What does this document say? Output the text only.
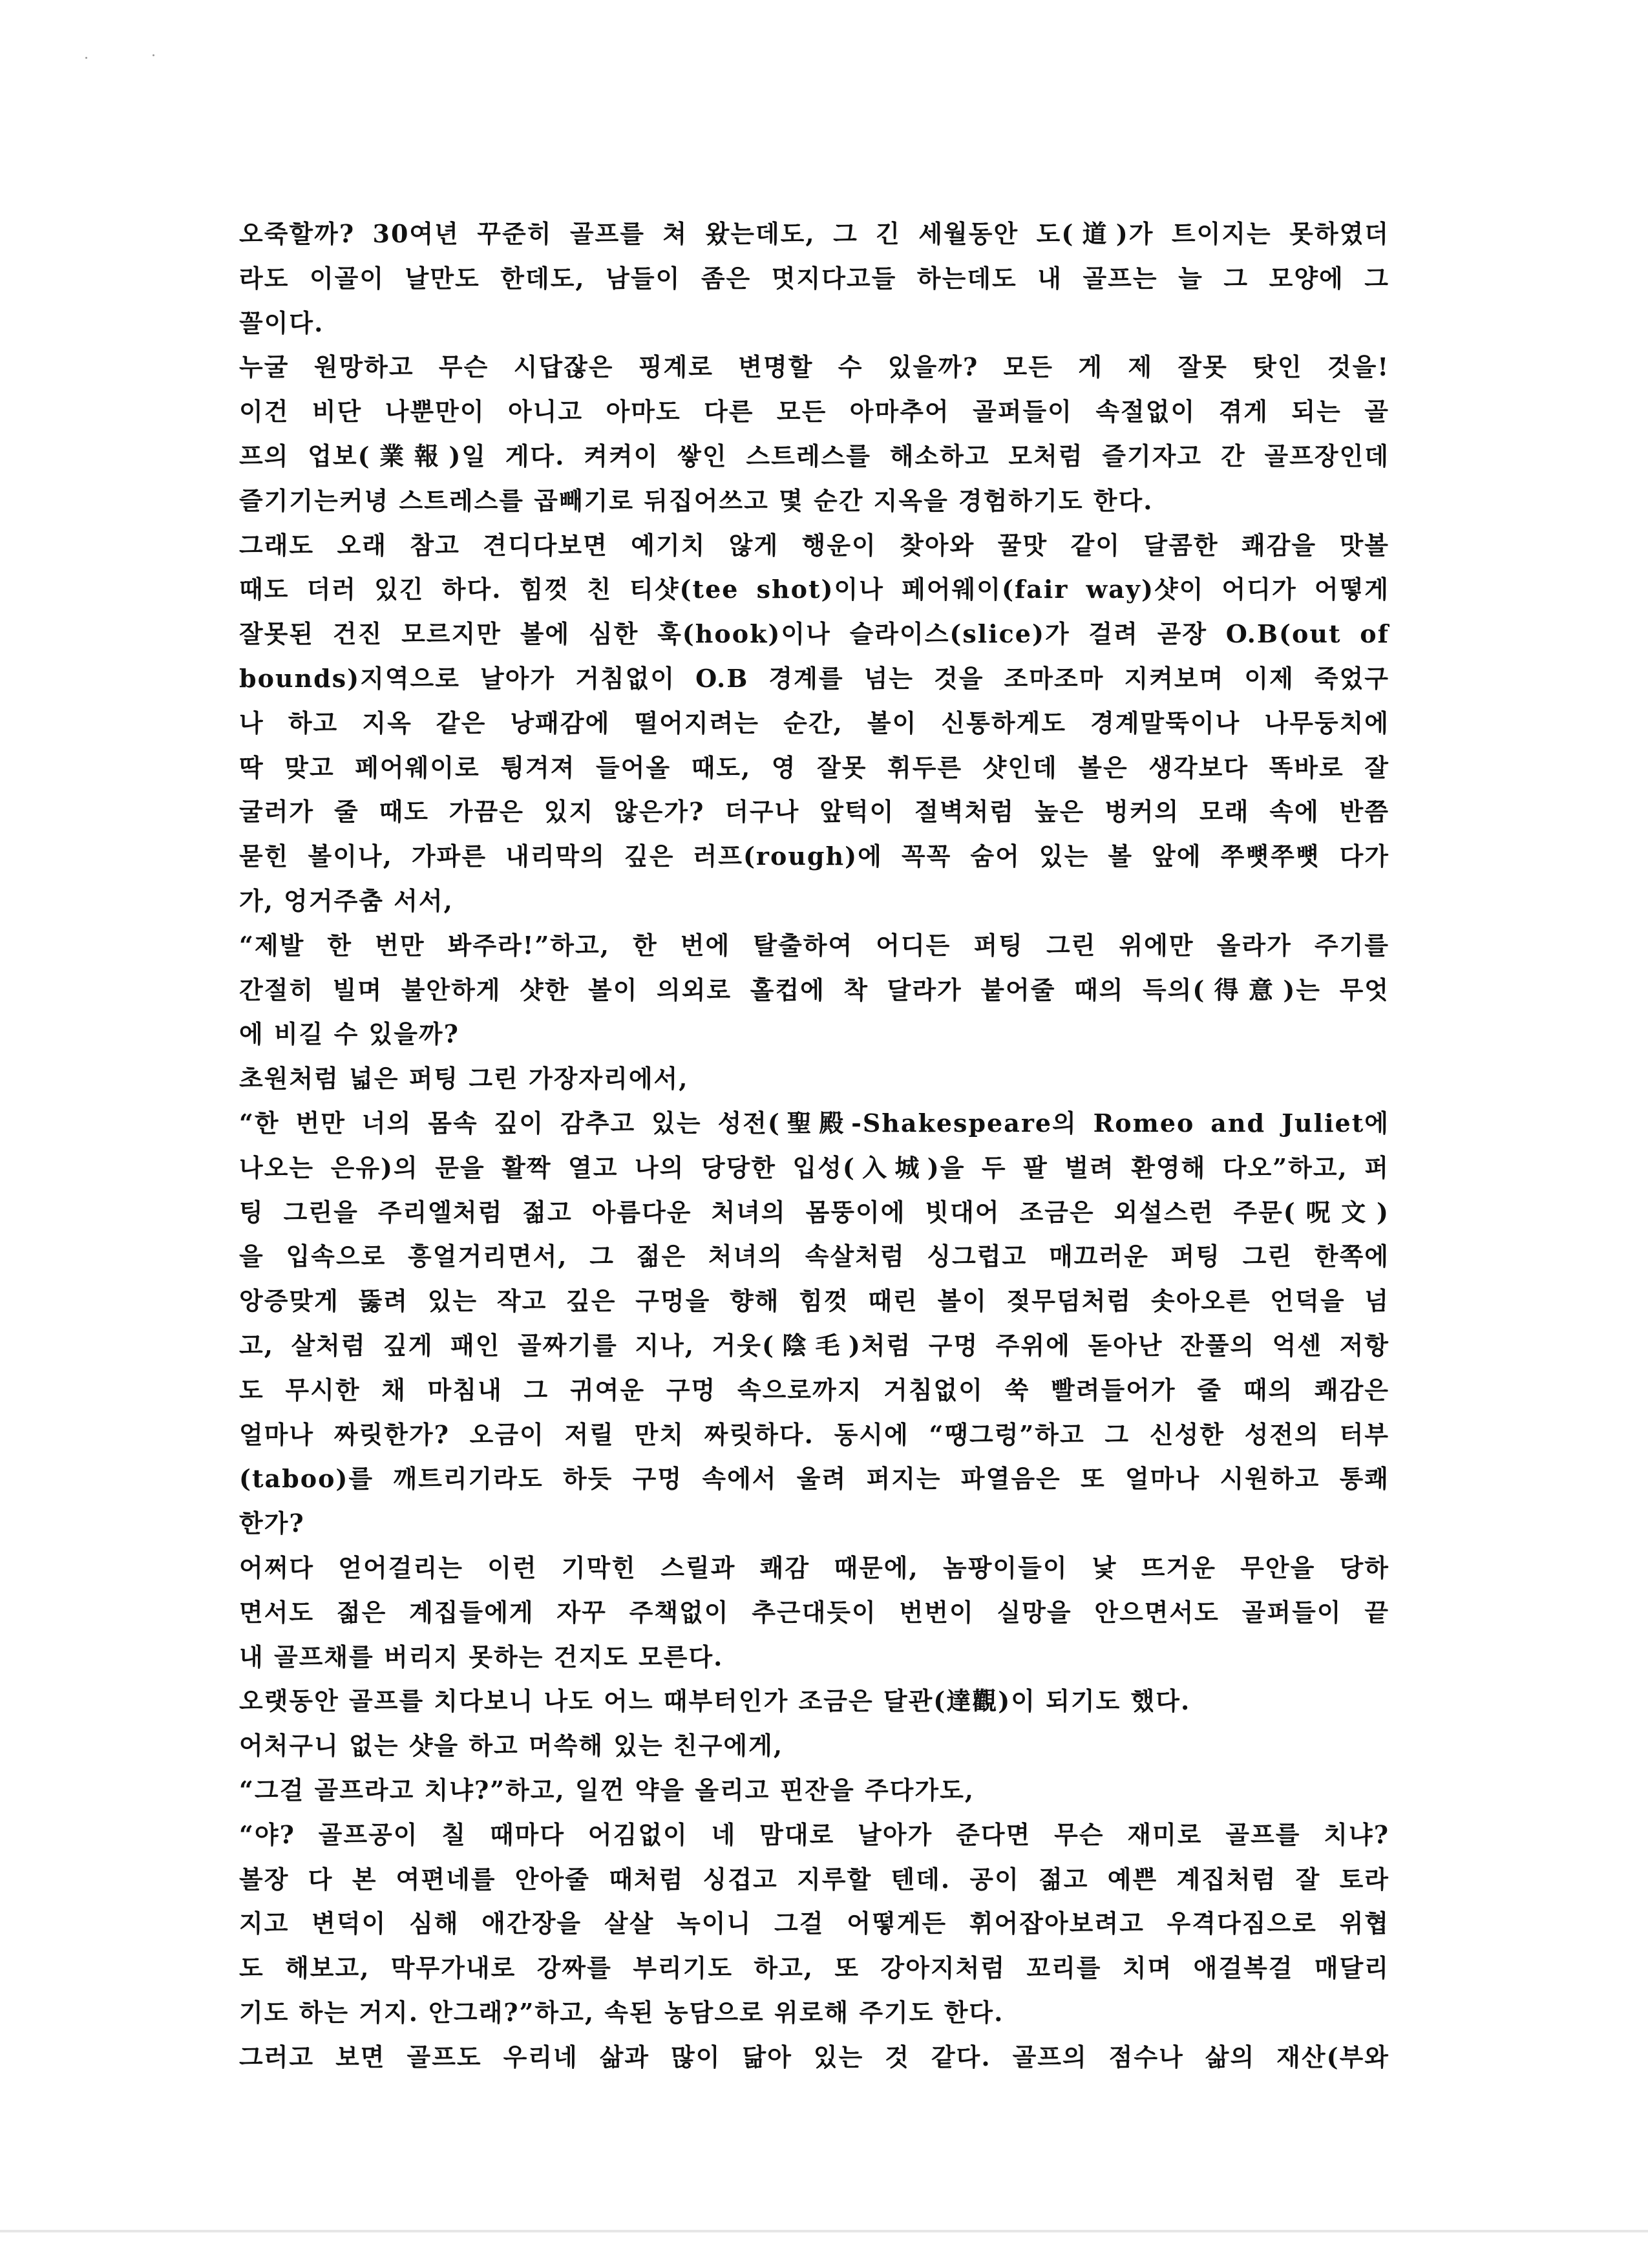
오죽할까? 30여년 꾸준히 골프를 쳐 왔는데도, 그 긴 세월동안 도(道)가 트이지는 못하였더
라도 이골이 날만도 한데도, 남들이 좀은 멋지다고들 하는데도 내 골프는 늘 그 모양에 그
꼴이다.
누굴 원망하고 무슨 시답잖은 핑계로 변명할 수 있을까? 모든 게 제 잘못 탓인 것을!
이건 비단 나뿐만이 아니고 아마도 다른 모든 아마추어 골퍼들이 속절없이 겪게 되는 골
프의 업보(業報)일 게다. 켜켜이 쌓인 스트레스를 해소하고 모처럼 즐기자고 간 골프장인데
즐기기는커녕 스트레스를 곱빼기로 뒤집어쓰고 몇 순간 지옥을 경험하기도 한다.
그래도 오래 참고 견디다보면 예기치 않게 행운이 찾아와 꿀맛 같이 달콤한 쾌감을 맛볼
때도 더러 있긴 하다. 힘껏 친 티샷(tee shot)이나 페어웨이(fair way)샷이 어디가 어떻게
잘못된 건진 모르지만 볼에 심한 훅(hook)이나 슬라이스(slice)가 걸려 곧장 O.B(out of
bounds)지역으로 날아가 거침없이 O.B 경계를 넘는 것을 조마조마 지켜보며 이제 죽었구
나 하고 지옥 같은 낭패감에 떨어지려는 순간, 볼이 신통하게도 경계말뚝이나 나무둥치에
딱 맞고 페어웨이로 튕겨져 들어올 때도, 영 잘못 휘두른 샷인데 볼은 생각보다 똑바로 잘
굴러가 줄 때도 가끔은 있지 않은가? 더구나 앞턱이 절벽처럼 높은 벙커의 모래 속에 반쯤
묻힌 볼이나, 가파른 내리막의 깊은 러프(rough)에 꼭꼭 숨어 있는 볼 앞에 쭈뼛쭈뼛 다가
가, 엉거주춤 서서,
“제발 한 번만 봐주라!”하고, 한 번에 탈출하여 어디든 퍼팅 그린 위에만 올라가 주기를
간절히 빌며 불안하게 샷한 볼이 의외로 홀컵에 착 달라가 붙어줄 때의 득의(得意)는 무엇
에 비길 수 있을까?
초원처럼 넓은 퍼팅 그린 가장자리에서,
“한 번만 너의 몸속 깊이 감추고 있는 성전(聖殿-Shakespeare의 Romeo and Juliet에
나오는 은유)의 문을 활짝 열고 나의 당당한 입성(入城)을 두 팔 벌려 환영해 다오”하고, 퍼
팅 그린을 주리엘처럼 젊고 아름다운 처녀의 몸뚱이에 빗대어 조금은 외설스런 주문(呪文)
을 입속으로 흥얼거리면서, 그 젊은 처녀의 속살처럼 싱그럽고 매끄러운 퍼팅 그린 한쪽에
앙증맞게 뚫려 있는 작고 깊은 구멍을 향해 힘껏 때린 볼이 젖무덤처럼 솟아오른 언덕을 넘
고, 살처럼 깊게 패인 골짜기를 지나, 거웃(陰毛)처럼 구멍 주위에 돋아난 잔풀의 억센 저항
도 무시한 채 마침내 그 귀여운 구멍 속으로까지 거침없이 쑥 빨려들어가 줄 때의 쾌감은
얼마나 짜릿한가? 오금이 저릴 만치 짜릿하다. 동시에 “땡그렁”하고 그 신성한 성전의 터부
(taboo)를 깨트리기라도 하듯 구멍 속에서 울려 퍼지는 파열음은 또 얼마나 시원하고 통쾌
한가?
어쩌다 얻어걸리는 이런 기막힌 스릴과 쾌감 때문에, 놈팡이들이 낯 뜨거운 무안을 당하
면서도 젊은 계집들에게 자꾸 주책없이 추근대듯이 번번이 실망을 안으면서도 골퍼들이 끝
내 골프채를 버리지 못하는 건지도 모른다.
오랫동안 골프를 치다보니 나도 어느 때부터인가 조금은 달관(達觀)이 되기도 했다.
어처구니 없는 샷을 하고 머쓱해 있는 친구에게,
“그걸 골프라고 치냐?”하고, 일껀 약을 올리고 핀잔을 주다가도,
“야? 골프공이 칠 때마다 어김없이 네 맘대로 날아가 준다면 무슨 재미로 골프를 치냐?
볼장 다 본 여편네를 안아줄 때처럼 싱겁고 지루할 텐데. 공이 젊고 예쁜 계집처럼 잘 토라
지고 변덕이 심해 애간장을 살살 녹이니 그걸 어떻게든 휘어잡아보려고 우격다짐으로 위협
도 해보고, 막무가내로 강짜를 부리기도 하고, 또 강아지처럼 꼬리를 치며 애걸복걸 매달리
기도 하는 거지. 안그래?”하고, 속된 농담으로 위로해 주기도 한다.
그러고 보면 골프도 우리네 삶과 많이 닮아 있는 것 같다. 골프의 점수나 삶의 재산(부와
